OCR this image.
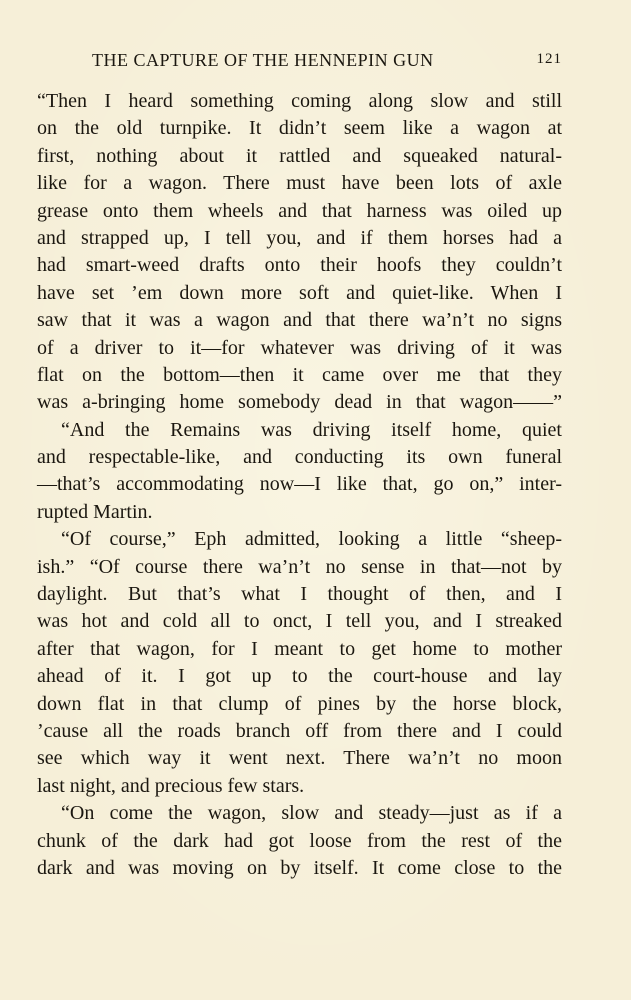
THE CAPTURE OF THE HENNEPIN GUN	121
“Then I heard something coming along slow and still
on the old turnpike. It didn’t seem like a wagon at
first, nothing about it rattled and squeaked natural-
like for a wagon. There must have been lots of axle
grease onto them wheels and that harness was oiled up
and strapped up, I tell you, and if them horses had a
had smart-weed drafts onto their hoofs they couldn’t
have set ’em down more soft and quiet-like. When I
saw that it was a wagon and that there wa’n’t no signs
of a driver to it—for whatever was driving of it was
flat on the bottom—then it came over me that they
was a-bringing home somebody dead in that wagon——”
“And the Remains was driving itself home, quiet
and respectable-like, and conducting its own funeral
—that’s accommodating now—I like that, go on,” inter-
rupted Martin.
“Of course,” Eph admitted, looking a little “sheep-
ish.” “Of course there wa’n’t no sense in that—not by
daylight. But that’s what I thought of then, and I
was hot and cold all to onct, I tell you, and I streaked
after that wagon, for I meant to get home to mother
ahead of it. I got up to the court-house and lay
down flat in that clump of pines by the horse block,
’cause all the roads branch off from there and I could
see which way it went next. There wa’n’t no moon
last night, and precious few stars.
“On come the wagon, slow and steady—just as if a
chunk of the dark had got loose from the rest of the
dark and was moving on by itself. It come close to the
